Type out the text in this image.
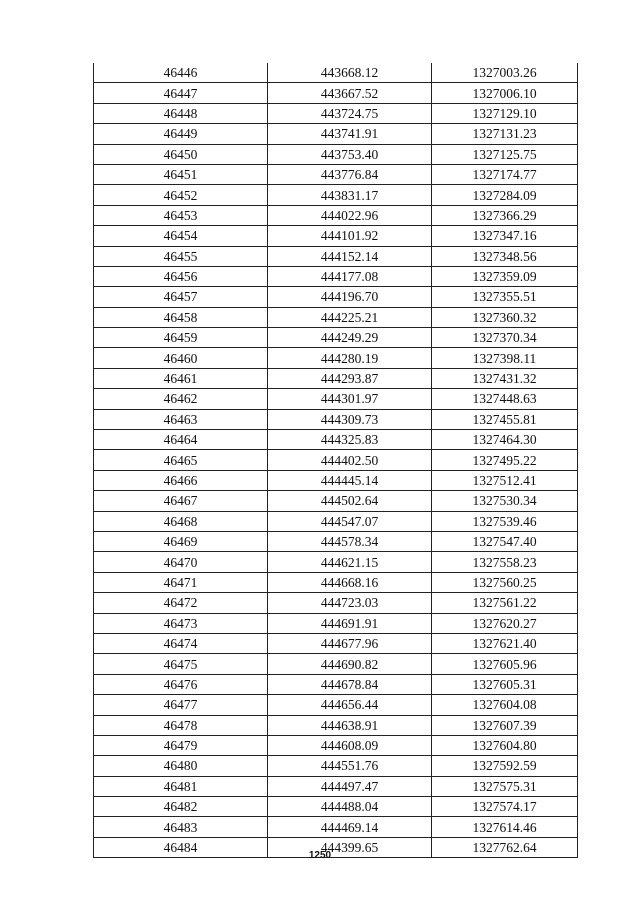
46446	443668.12	1327003.26
46447	443667.52	1327006.10
46448	443724.75	1327129.10
46449	443741.91	1327131.23
46450	443753.40	1327125.75
46451	443776.84	1327174.77
46452	443831.17	1327284.09
46453	444022.96	1327366.29
46454	444101.92	1327347.16
46455	444152.14	1327348.56
46456	444177.08	1327359.09
46457	444196.70	1327355.51
46458	444225.21	1327360.32
46459	444249.29	1327370.34
46460	444280.19	1327398.11
46461	444293.87	1327431.32
46462	444301.97	1327448.63
46463	444309.73	1327455.81
46464	444325.83	1327464.30
46465	444402.50	1327495.22
46466	444445.14	1327512.41
46467	444502.64	1327530.34
46468	444547.07	1327539.46
46469	444578.34	1327547.40
46470	444621.15	1327558.23
46471	444668.16	1327560.25
46472	444723.03	1327561.22
46473	444691.91	1327620.27
46474	444677.96	1327621.40
46475	444690.82	1327605.96
46476	444678.84	1327605.31
46477	444656.44	1327604.08
46478	444638.91	1327607.39
46479	444608.09	1327604.80
46480	444551.76	1327592.59
46481	444497.47	1327575.31
46482	444488.04	1327574.17
46483	444469.14	1327614.46
46484	444399.65	1327762.64
1250
